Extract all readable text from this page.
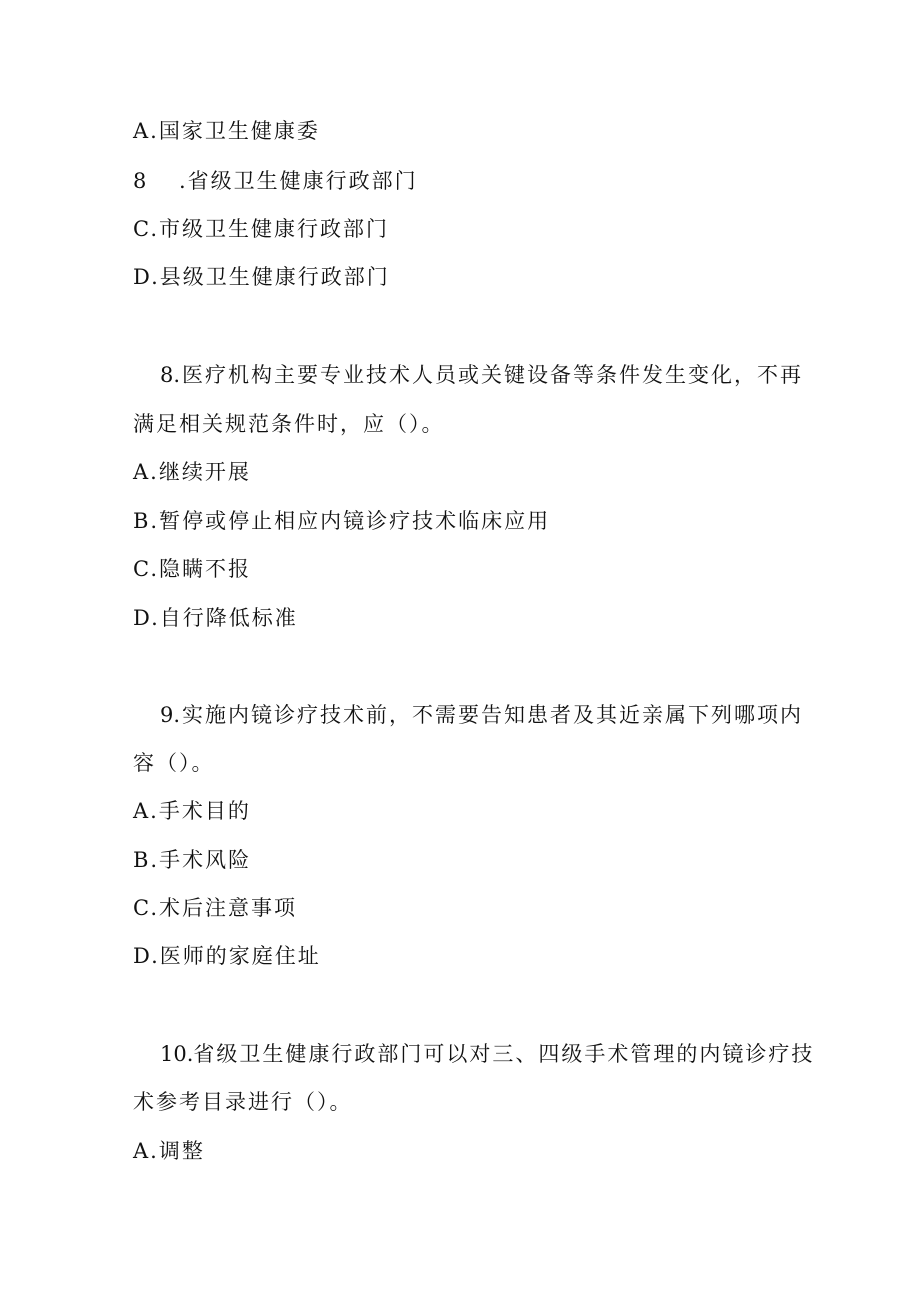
A.国家卫生健康委
8 .省级卫生健康行政部门
C.市级卫生健康行政部门
D.县级卫生健康行政部门
8.医疗机构主要专业技术人员或关键设备等条件发生变化，不再
满足相关规范条件时，应（）。
A.继续开展
B.暂停或停止相应内镜诊疗技术临床应用
C.隐瞒不报
D.自行降低标准
9.实施内镜诊疗技术前，不需要告知患者及其近亲属下列哪项内
容（）。
A.手术目的
B.手术风险
C.术后注意事项
D.医师的家庭住址
10.省级卫生健康行政部门可以对三、四级手术管理的内镜诊疗技
术参考目录进行（）。
A.调整
